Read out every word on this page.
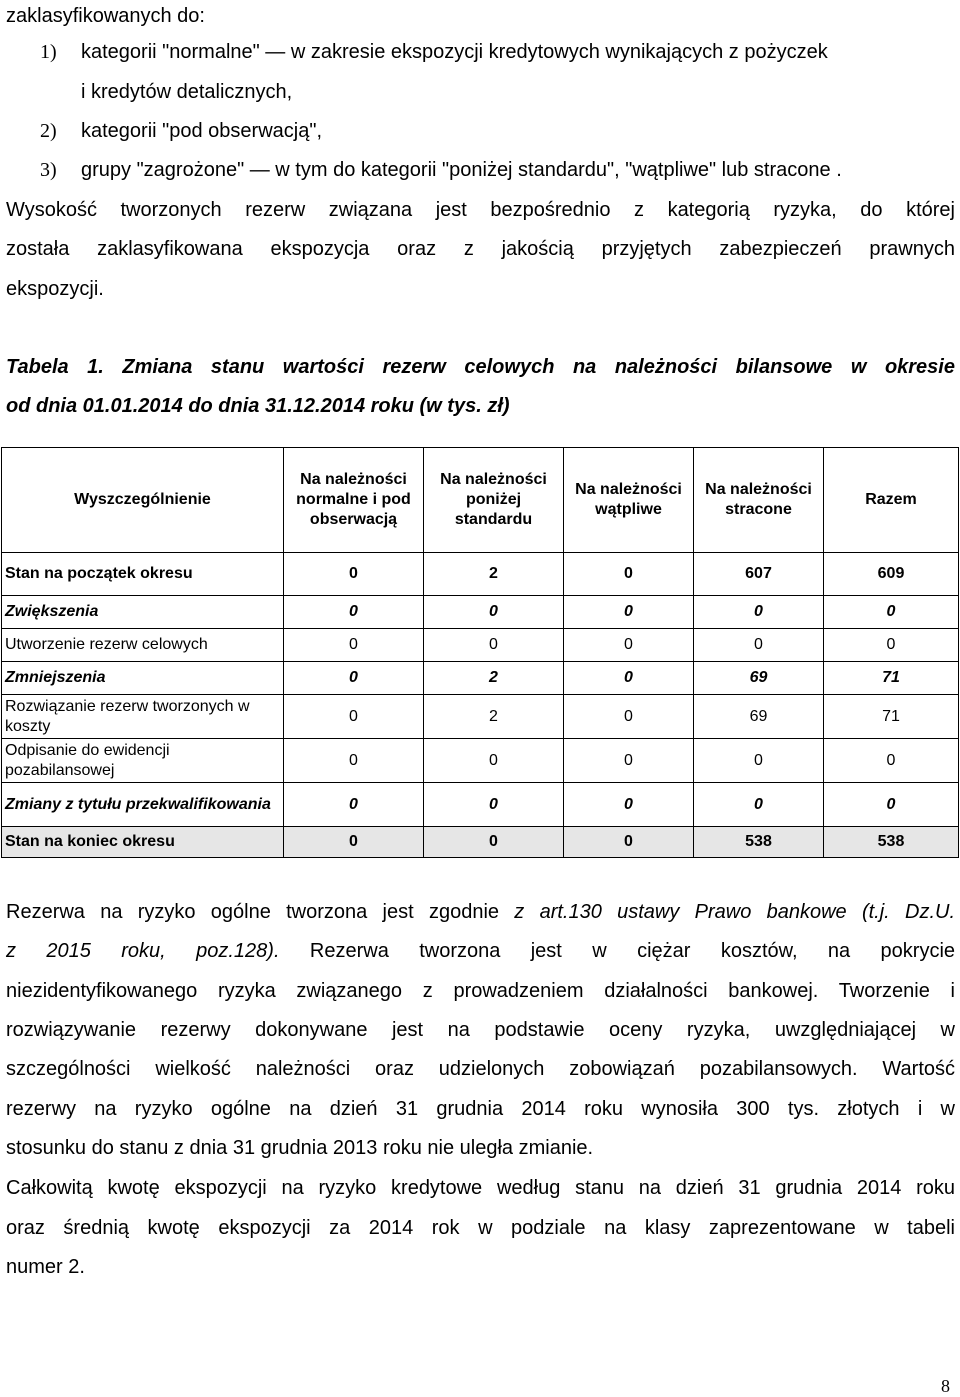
zaklasyfikowanych do:
1) kategorii "normalne" — w zakresie ekspozycji kredytowych wynikających z pożyczek
i kredytów detalicznych,
2) kategorii "pod obserwacją",
3) grupy "zagrożone" — w tym do kategorii "poniżej standardu", "wątpliwe" lub stracone .
Wysokość tworzonych rezerw związana jest bezpośrednio z kategorią ryzyka, do której
została zaklasyfikowana ekspozycja oraz z jakością przyjętych zabezpieczeń prawnych
ekspozycji.
Tabela 1. Zmiana stanu wartości rezerw celowych na należności bilansowe w okresie
od dnia 01.01.2014 do dnia 31.12.2014 roku (w tys. zł)
Wyszczególnienie	Na należności normalne i pod obserwacją	Na należności poniżej standardu	Na należności wątpliwe	Na należności stracone	Razem
Stan na początek okresu	0	2	0	607	609
Zwiększenia	0	0	0	0	0
Utworzenie rezerw celowych	0	0	0	0	0
Zmniejszenia	0	2	0	69	71
Rozwiązanie rezerw tworzonych w koszty	0	2	0	69	71
Odpisanie do ewidencji pozabilansowej	0	0	0	0	0
Zmiany z tytułu przekwalifikowania	0	0	0	0	0
Stan na koniec okresu	0	0	0	538	538
Rezerwa na ryzyko ogólne tworzona jest zgodnie z art.130 ustawy Prawo bankowe (t.j. Dz.U.
z 2015 roku, poz.128). Rezerwa tworzona jest w ciężar kosztów, na pokrycie
niezidentyfikowanego ryzyka związanego z prowadzeniem działalności bankowej. Tworzenie i
rozwiązywanie rezerwy dokonywane jest na podstawie oceny ryzyka, uwzględniającej w
szczególności wielkość należności oraz udzielonych zobowiązań pozabilansowych. Wartość
rezerwy na ryzyko ogólne na dzień 31 grudnia 2014 roku wynosiła 300 tys. złotych i w
stosunku do stanu z dnia 31 grudnia 2013 roku nie uległa zmianie.
Całkowitą kwotę ekspozycji na ryzyko kredytowe według stanu na dzień 31 grudnia 2014 roku
oraz średnią kwotę ekspozycji za 2014 rok w podziale na klasy zaprezentowane w tabeli
numer 2.
8
